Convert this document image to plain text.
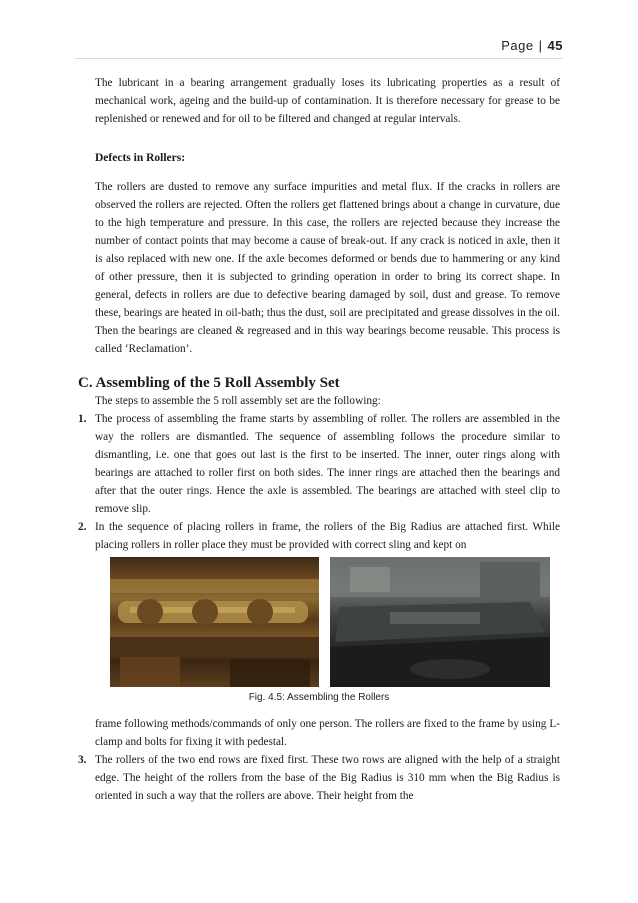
Page | 45
The lubricant in a bearing arrangement gradually loses its lubricating properties as a result of mechanical work, ageing and the build-up of contamination. It is therefore necessary for grease to be replenished or renewed and for oil to be filtered and changed at regular intervals.
Defects in Rollers:
The rollers are dusted to remove any surface impurities and metal flux. If the cracks in rollers are observed the rollers are rejected. Often the rollers get flattened brings about a change in curvature, due to the high temperature and pressure. In this case, the rollers are rejected because they increase the number of contact points that may become a cause of break-out. If any crack is noticed in axle, then it is also replaced with new one. If the axle becomes deformed or bends due to hammering or any kind of other pressure, then it is subjected to grinding operation in order to bring its correct shape. In general, defects in rollers are due to defective bearing damaged by soil, dust and grease. To remove these, bearings are heated in oil-bath; thus the dust, soil are precipitated and grease dissolves in the oil. Then the bearings are cleaned & regreased and in this way bearings become reusable. This process is called ‘Reclamation’.
C. Assembling of the 5 Roll Assembly Set
The steps to assemble the 5 roll assembly set are the following:
1. The process of assembling the frame starts by assembling of roller. The rollers are assembled in the way the rollers are dismantled. The sequence of assembling follows the procedure similar to dismantling, i.e. one that goes out last is the first to be inserted. The inner, outer rings along with bearings are attached to roller first on both sides. The inner rings are attached then the bearings and after that the outer rings. Hence the axle is assembled. The bearings are attached with steel clip to remove slip.
2. In the sequence of placing rollers in frame, the rollers of the Big Radius are attached first. While placing rollers in roller place they must be provided with correct sling and kept on
Fig. 4.5: Assembling the Rollers
frame following methods/commands of only one person. The rollers are fixed to the frame by using L-clamp and bolts for fixing it with pedestal.
3. The rollers of the two end rows are fixed first. These two rows are aligned with the help of a straight edge. The height of the rollers from the base of the Big Radius is 310 mm when the Big Radius is oriented in such a way that the rollers are above. Their height from the
